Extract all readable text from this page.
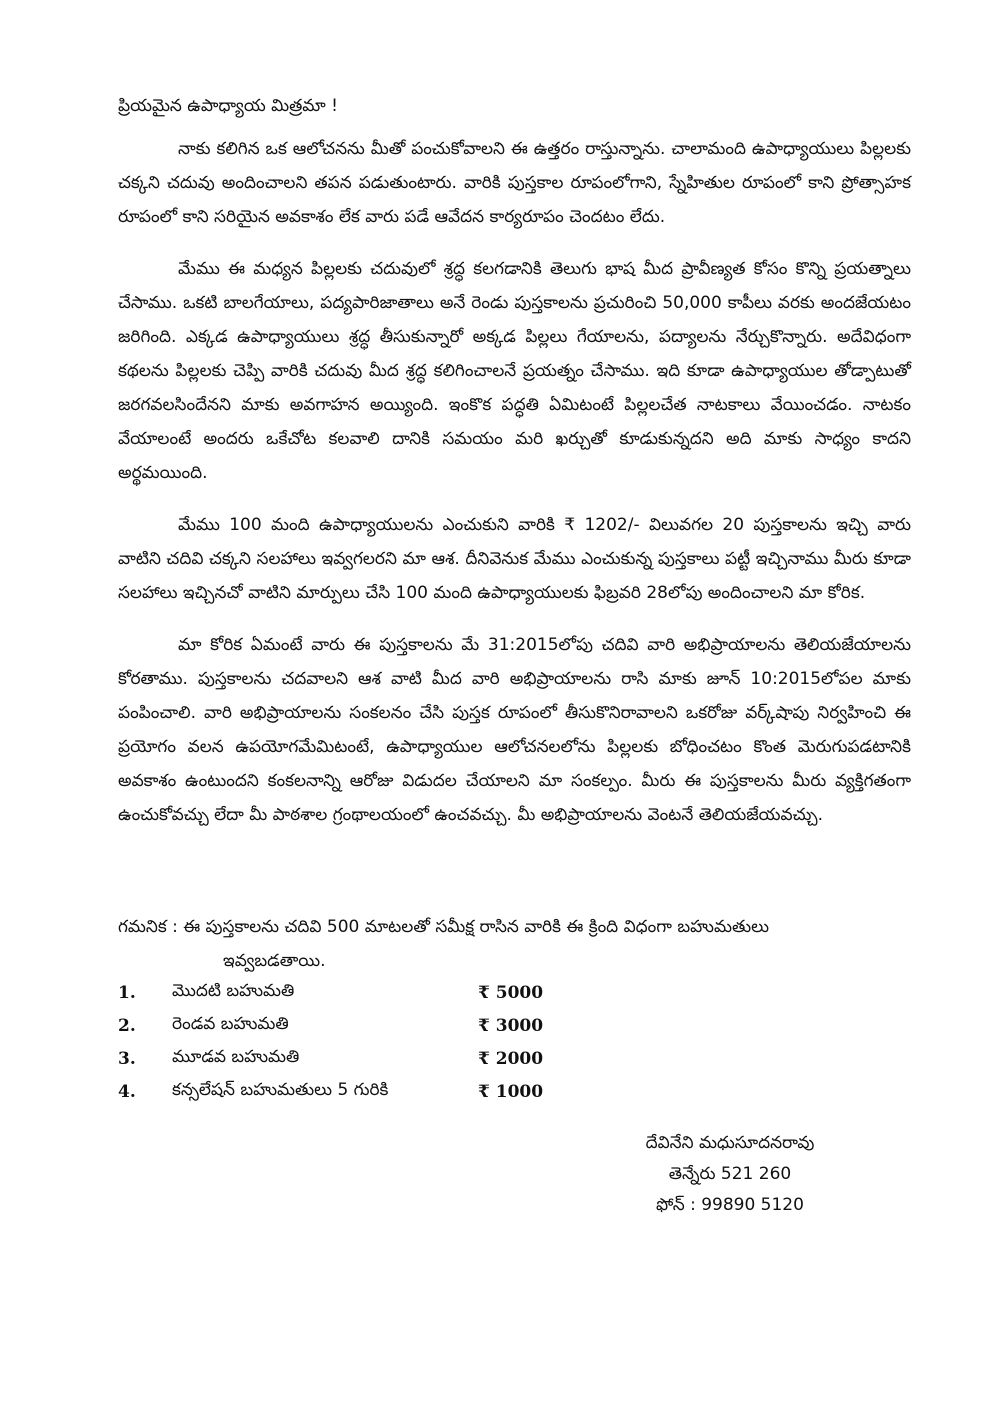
ప్రియమైన ఉపాధ్యాయ మిత్రమా !

నాకు కలిగిన ఒక ఆలోచనను మీతో పంచుకోవాలని ఈ ఉత్తరం రాస్తున్నాను. చాలామంది ఉపాధ్యాయులు పిల్లలకు చక్కని చదువు అందించాలని తపన పడుతుంటారు. వారికి పుస్తకాల రూపంలోగాని, స్నేహితుల రూపంలో కాని ప్రోత్సాహక రూపంలో కాని సరియైన అవకాశం లేక వారు పడే ఆవేదన కార్యరూపం చెందటం లేదు.

మేము ఈ మధ్యన పిల్లలకు చదువులో శ్రద్ధ కలగడానికి తెలుగు భాష మీద ప్రావీణ్యత కోసం కొన్ని ప్రయత్నాలు చేసాము. ఒకటి బాలగేయాలు, పద్యపారిజాతాలు అనే రెండు పుస్తకాలను ప్రచురించి 50,000 కాపీలు వరకు అందజేయటం జరిగింది. ఎక్కడ ఉపాధ్యాయులు శ్రద్ధ తీసుకున్నారో అక్కడ పిల్లలు గేయాలను, పద్యాలను నేర్చుకొన్నారు. అదేవిధంగా కథలను పిల్లలకు చెప్పి వారికి చదువు మీద శ్రద్ధ కలిగించాలనే ప్రయత్నం చేసాము. ఇది కూడా ఉపాధ్యాయుల తోడ్పాటుతో జరగవలసిందేనని మాకు అవగాహన అయ్యింది. ఇంకొక పద్ధతి ఏమిటంటే పిల్లలచేత నాటకాలు వేయించడం. నాటకం వేయాలంటే అందరు ఒకేచోట కలవాలి దానికి సమయం మరి ఖర్చుతో కూడుకున్నదని అది మాకు సాధ్యం కాదని అర్థమయింది.

మేము 100 మంది ఉపాధ్యాయులను ఎంచుకుని వారికి ₹ 1202/- విలువగల 20 పుస్తకాలను ఇచ్చి వారు వాటిని చదివి చక్కని సలహాలు ఇవ్వగలరని మా ఆశ. దీనివెనుక మేము ఎంచుకున్న పుస్తకాలు పట్టీ ఇచ్చినాము మీరు కూడా సలహాలు ఇచ్చినచో వాటిని మార్పులు చేసి 100 మంది ఉపాధ్యాయులకు ఫిబ్రవరి 28లోపు అందించాలని మా కోరిక.

మా కోరిక ఏమంటే వారు ఈ పుస్తకాలను మే 31:2015లోపు చదివి వారి అభిప్రాయాలను తెలియజేయాలను కోరతాము. పుస్తకాలను చదవాలని ఆశ వాటి మీద వారి అభిప్రాయాలను రాసి మాకు జూన్ 10:2015లోపల మాకు పంపించాలి. వారి అభిప్రాయాలను సంకలనం చేసి పుస్తక రూపంలో తీసుకొనిరావాలని ఒకరోజు వర్క్‌షాపు నిర్వహించి ఈ ప్రయోగం వలన ఉపయోగమేమిటంటే, ఉపాధ్యాయుల ఆలోచనలలోను పిల్లలకు బోధించటం కొంత మెరుగుపడటానికి అవకాశం ఉంటుందని కంకలనాన్ని ఆరోజు విడుదల చేయాలని మా సంకల్పం. మీరు ఈ పుస్తకాలను మీరు వ్యక్తిగతంగా ఉంచుకోవచ్చు లేదా మీ పాఠశాల గ్రంథాలయంలో ఉంచవచ్చు. మీ అభిప్రాయాలను వెంటనే తెలియజేయవచ్చు.

గమనిక : ఈ పుస్తకాలను చదివి 500 మాటలతో సమీక్ష రాసిన వారికి ఈ క్రింది విధంగా బహుమతులు
ఇవ్వబడతాయి.
1.	మొదటి బహుమతి	₹ 5000
2.	రెండవ బహుమతి	₹ 3000
3.	మూడవ బహుమతి	₹ 2000
4.	కన్సలేషన్ బహుమతులు 5 గురికి	₹ 1000
దేవినేని మధుసూదనరావు
తెన్నేరు 521 260
ఫోన్ : 99890 5120
